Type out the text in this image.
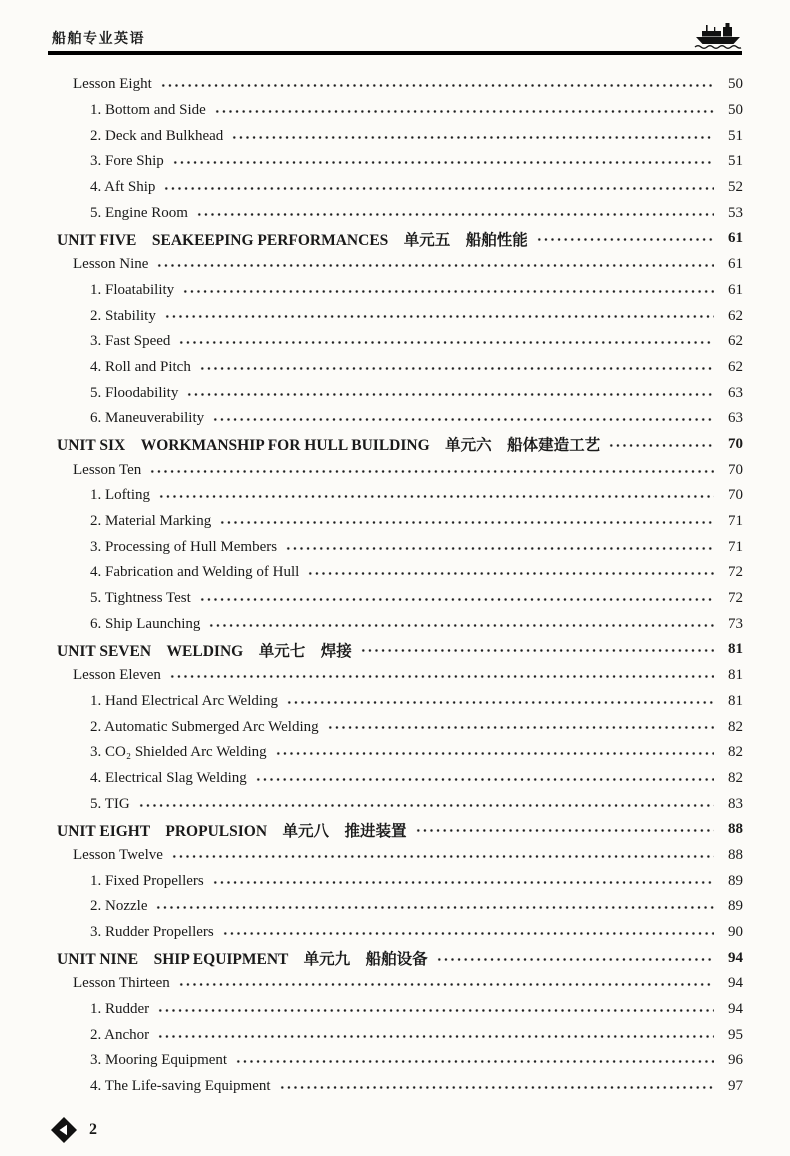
船舶专业英语
Lesson Eight	50
1. Bottom and Side	50
2. Deck and Bulkhead	51
3. Fore Ship	51
4. Aft Ship	52
5. Engine Room	53
UNIT FIVE　SEAKEEPING PERFORMANCES　单元五　船舶性能	61
Lesson Nine	61
1. Floatability	61
2. Stability	62
3. Fast Speed	62
4. Roll and Pitch	62
5. Floodability	63
6. Maneuverability	63
UNIT SIX　WORKMANSHIP FOR HULL BUILDING　单元六　船体建造工艺	70
Lesson Ten	70
1. Lofting	70
2. Material Marking	71
3. Processing of Hull Members	71
4. Fabrication and Welding of Hull	72
5. Tightness Test	72
6. Ship Launching	73
UNIT SEVEN　WELDING　单元七　焊接	81
Lesson Eleven	81
1. Hand Electrical Arc Welding	81
2. Automatic Submerged Arc Welding	82
3. CO₂ Shielded Arc Welding	82
4. Electrical Slag Welding	82
5. TIG	83
UNIT EIGHT　PROPULSION　单元八　推进装置	88
Lesson Twelve	88
1. Fixed Propellers	89
2. Nozzle	89
3. Rudder Propellers	90
UNIT NINE　SHIP EQUIPMENT　单元九　船舶设备	94
Lesson Thirteen	94
1. Rudder	94
2. Anchor	95
3. Mooring Equipment	96
4. The Life-saving Equipment	97
2
